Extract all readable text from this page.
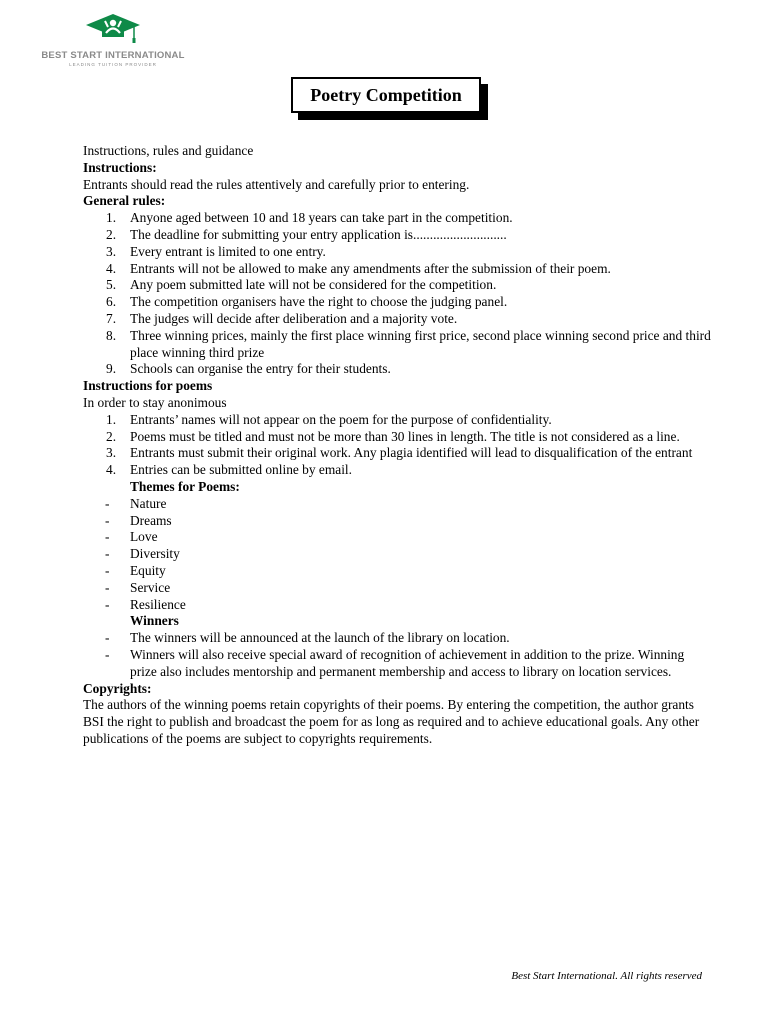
BEST START INTERNATIONAL
LEADING TUITION PROVIDER
Poetry Competition

Instructions, rules and guidance

Instructions:

Entrants should read the rules attentively and carefully prior to entering.

General rules:

1. Anyone aged between 10 and 18 years can take part in the competition.
2. The deadline for submitting your entry application is............................
3. Every entrant is limited to one entry.
4. Entrants will not be allowed to make any amendments after the submission of their poem.
5. Any poem submitted late will not be considered for the competition.
6. The competition organisers have the right to choose the judging panel.
7. The judges will decide after deliberation and a majority vote.
8. Three winning prices, mainly the first place winning first price, second place winning second price and third place winning third prize
9. Schools can organise the entry for their students.

Instructions for poems

In order to stay anonimous

1. Entrants’ names will not appear on the poem for the purpose of confidentiality.
2. Poems must be titled and must not be more than 30 lines in length. The title is not considered as a line.
3. Entrants must submit their original work. Any plagia identified will lead to disqualification of the entrant
4. Entries can be submitted online by email.

Themes for Poems:

- Nature
- Dreams
- Love
- Diversity
- Equity
- Service
- Resilience

Winners

- The winners will be announced at the launch of the library on location.
- Winners will also receive special award of recognition of achievement in addition to the prize. Winning prize also includes mentorship and permanent membership and access to library on location services.

Copyrights:

The authors of the winning poems retain copyrights of their poems. By entering the competition, the author grants BSI the right to publish and broadcast the poem for as long as required and to achieve educational goals. Any other publications of the poems are subject to copyrights requirements.

Best Start International. All rights reserved
